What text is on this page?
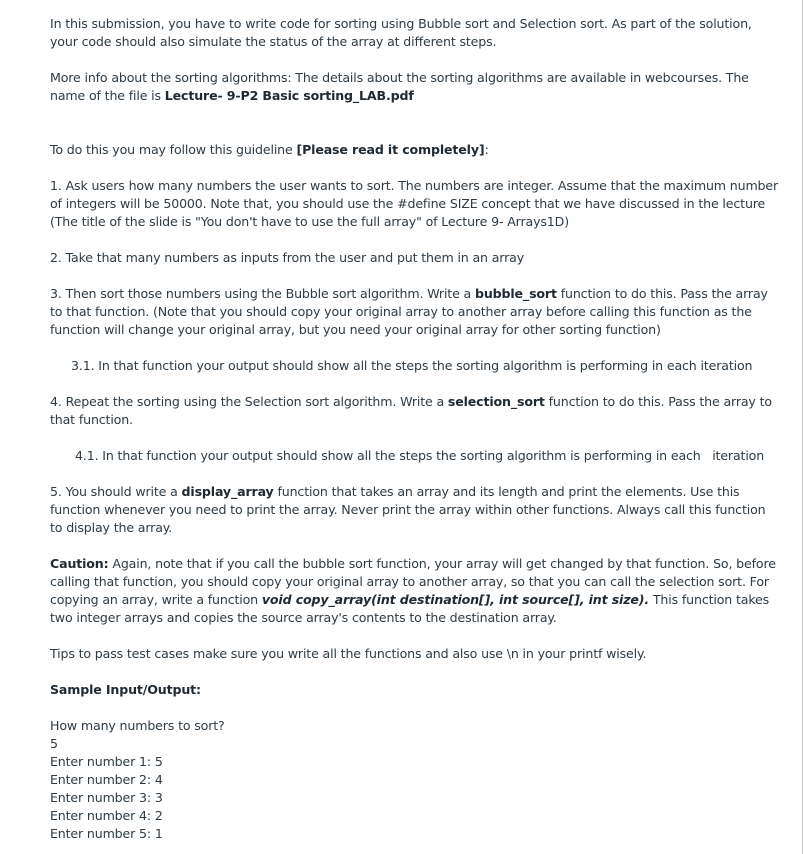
In this submission, you have to write code for sorting using Bubble sort and Selection sort. As part of the solution, your code should also simulate the status of the array at different steps.

More info about the sorting algorithms: The details about the sorting algorithms are available in webcourses. The name of the file is Lecture- 9-P2 Basic sorting_LAB.pdf

To do this you may follow this guideline [Please read it completely]:

1. Ask users how many numbers the user wants to sort. The numbers are integer. Assume that the maximum number of integers will be 50000. Note that, you should use the #define SIZE concept that we have discussed in the lecture (The title of the slide is "You don't have to use the full array" of Lecture 9- Arrays1D)

2. Take that many numbers as inputs from the user and put them in an array

3. Then sort those numbers using the Bubble sort algorithm. Write a bubble_sort function to do this. Pass the array to that function. (Note that you should copy your original array to another array before calling this function as the function will change your original array, but you need your original array for other sorting function)

3.1. In that function your output should show all the steps the sorting algorithm is performing in each iteration

4. Repeat the sorting using the Selection sort algorithm. Write a selection_sort function to do this. Pass the array to that function.

4.1. In that function your output should show all the steps the sorting algorithm is performing in each   iteration

5. You should write a display_array function that takes an array and its length and print the elements. Use this function whenever you need to print the array. Never print the array within other functions. Always call this function to display the array.

Caution: Again, note that if you call the bubble sort function, your array will get changed by that function. So, before calling that function, you should copy your original array to another array, so that you can call the selection sort. For copying an array, write a function void copy_array(int destination[], int source[], int size). This function takes two integer arrays and copies the source array's contents to the destination array.

Tips to pass test cases make sure you write all the functions and also use \n in your printf wisely.

Sample Input/Output:

How many numbers to sort?
5
Enter number 1: 5
Enter number 2: 4
Enter number 3: 3
Enter number 4: 2
Enter number 5: 1
